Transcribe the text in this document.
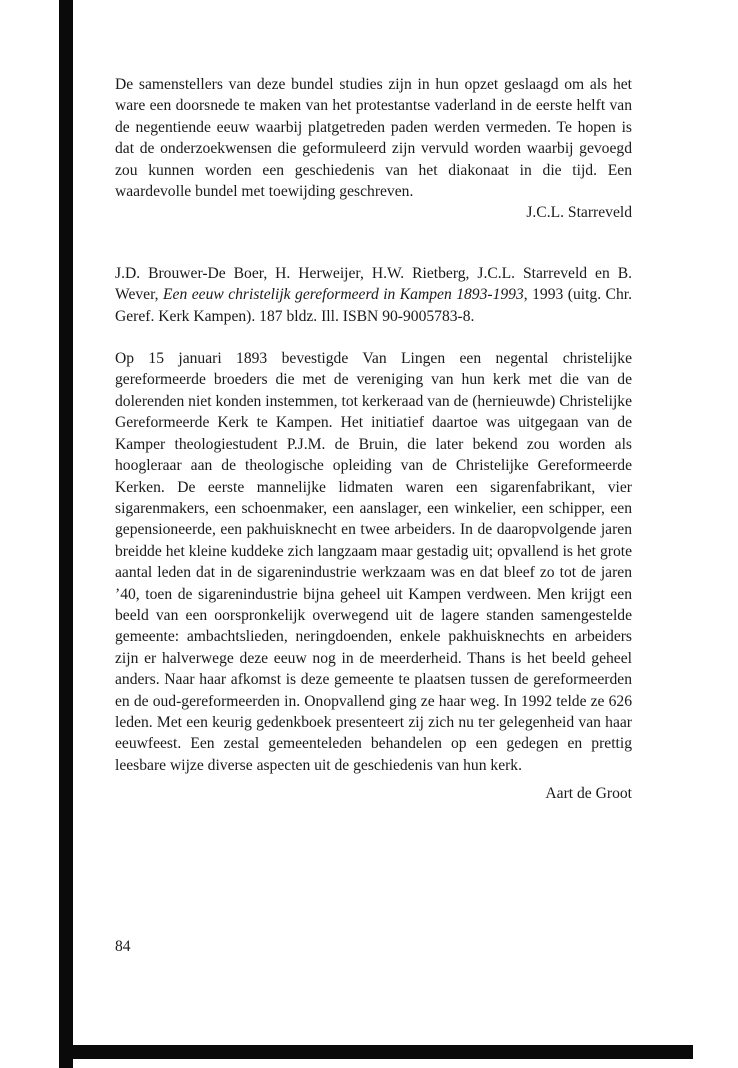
De samenstellers van deze bundel studies zijn in hun opzet geslaagd om als het ware een doorsnede te maken van het protestantse vaderland in de eerste helft van de negentiende eeuw waarbij platgetreden paden werden vermeden. Te hopen is dat de onderzoekwensen die geformuleerd zijn vervuld worden waarbij gevoegd zou kunnen worden een geschiedenis van het diakonaat in die tijd. Een waardevolle bundel met toewijding geschreven.

J.C.L. Starreveld

J.D. Brouwer-De Boer, H. Herweijer, H.W. Rietberg, J.C.L. Starreveld en B. Wever, Een eeuw christelijk gereformeerd in Kampen 1893-1993, 1993 (uitg. Chr. Geref. Kerk Kampen). 187 bldz. Ill. ISBN 90-9005783-8.

Op 15 januari 1893 bevestigde Van Lingen een negental christelijke gereformeerde broeders die met de vereniging van hun kerk met die van de dolerenden niet konden instemmen, tot kerkeraad van de (hernieuwde) Christelijke Gereformeerde Kerk te Kampen. Het initiatief daartoe was uitgegaan van de Kamper theologiestudent P.J.M. de Bruin, die later bekend zou worden als hoogleraar aan de theologische opleiding van de Christelijke Gereformeerde Kerken. De eerste mannelijke lidmaten waren een sigarenfabrikant, vier sigarenmakers, een schoenmaker, een aanslager, een winkelier, een schipper, een gepensioneerde, een pakhuisknecht en twee arbeiders. In de daaropvolgende jaren breidde het kleine kuddeke zich langzaam maar gestadig uit; opvallend is het grote aantal leden dat in de sigarenindustrie werkzaam was en dat bleef zo tot de jaren ’40, toen de sigarenindustrie bijna geheel uit Kampen verdween. Men krijgt een beeld van een oorspronkelijk overwegend uit de lagere standen samengestelde gemeente: ambachtslieden, neringdoenden, enkele pakhuisknechts en arbeiders zijn er halverwege deze eeuw nog in de meerderheid. Thans is het beeld geheel anders. Naar haar afkomst is deze gemeente te plaatsen tussen de gereformeerden en de oud-gereformeerden in. Onopvallend ging ze haar weg. In 1992 telde ze 626 leden. Met een keurig gedenkboek presenteert zij zich nu ter gelegenheid van haar eeuwfeest. Een zestal gemeenteleden behandelen op een gedegen en prettig leesbare wijze diverse aspecten uit de geschiedenis van hun kerk.

Aart de Groot

84
